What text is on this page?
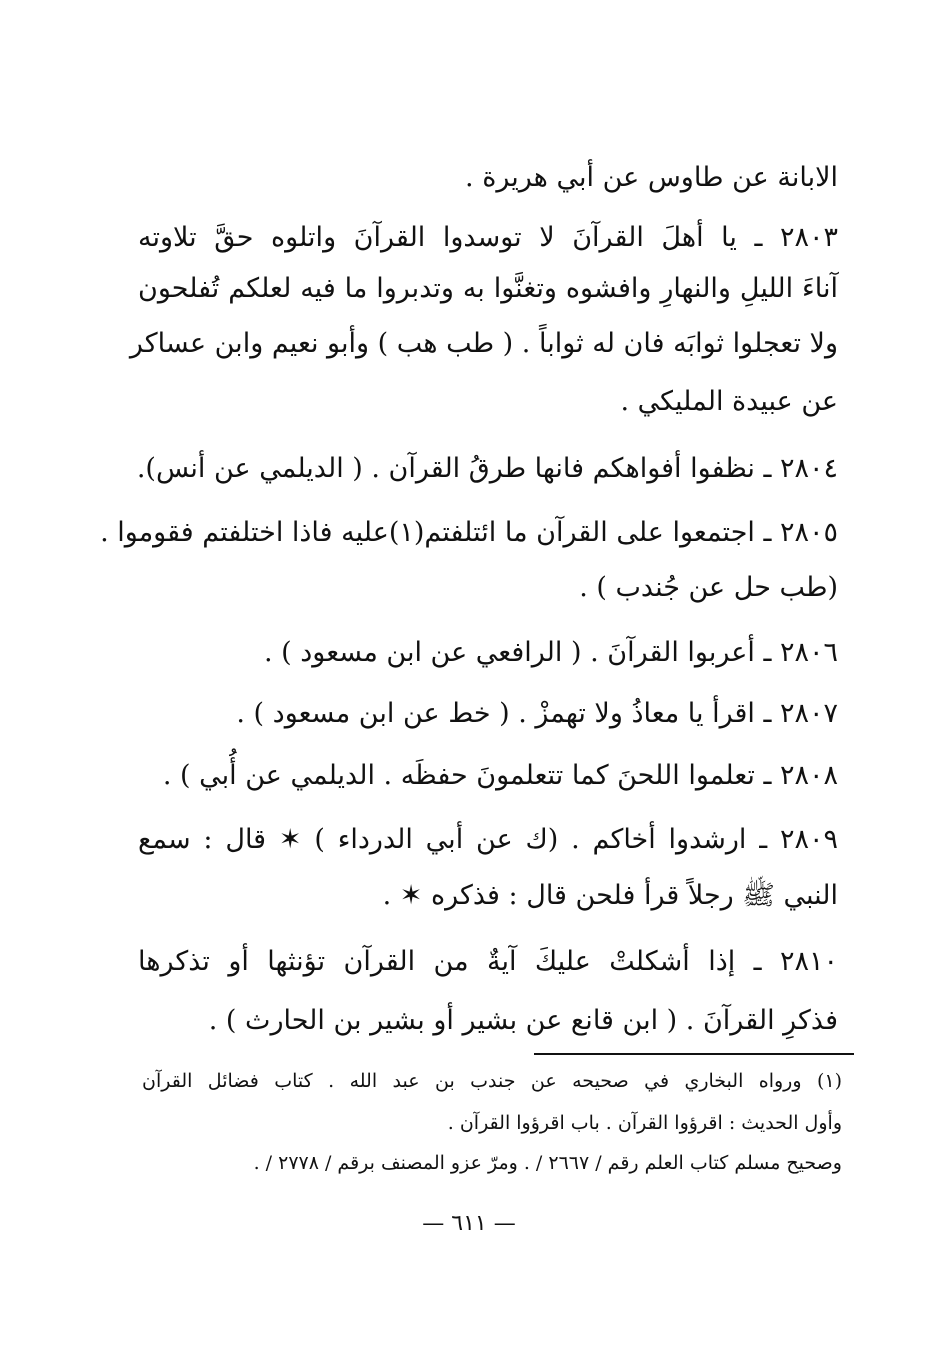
الابانة عن طاوس عن أبي هريرة .
٢٨٠٣ ـ يا أهلَ القرآنَ لا توسدوا القرآنَ واتلوه حقَّ تلاوته
آناءَ الليلِ والنهارِ وافشوه وتغنَّوا به وتدبروا ما فيه لعلكم تُفلحون
ولا تعجلوا ثوابَه فان له ثواباً . ( طب هب ) وأبو نعيم وابن عساكر
عن عبيدة المليكي .
٢٨٠٤ ـ نظفوا أفواهكم فانها طرقُ القرآن . ( الديلمي عن أنس).
٢٨٠٥ ـ اجتمعوا على القرآن ما ائتلفتم(١)عليه فاذا اختلفتم فقوموا .
(طب حل عن جُندب ) .
٢٨٠٦ ـ أعربوا القرآنَ . ( الرافعي عن ابن مسعود ) .
٢٨٠٧ ـ اقرأ يا معاذُ ولا تهمزْ . ( خط عن ابن مسعود ) .
٢٨٠٨ ـ تعلموا اللحنَ كما تتعلمونَ حفظَه . الديلمي عن أُبي ) .
٢٨٠٩ ـ ارشدوا أخاكم . (ك عن أبي الدرداء ) ✶ قال : سمع
النبي ﷺ رجلاً قرأ فلحن قال : فذكره ✶ .
٢٨١٠ ـ إذا أشكلتْ عليكَ آيةٌ من القرآن تؤنثها أو تذكرها
فذكرِ القرآنَ . ( ابن قانع عن بشير أو بشير بن الحارث ) .
(١) ورواه البخاري في صحيحه عن جندب بن عبد الله . كتاب فضائل القرآن
وأول الحديث : اقرؤوا القرآن . باب اقرؤوا القرآن .
وصحيح مسلم كتاب العلم رقم / ٢٦٦٧ / . ومرّ عزو المصنف برقم / ٢٧٧٨ / .
— ٦١١ —
